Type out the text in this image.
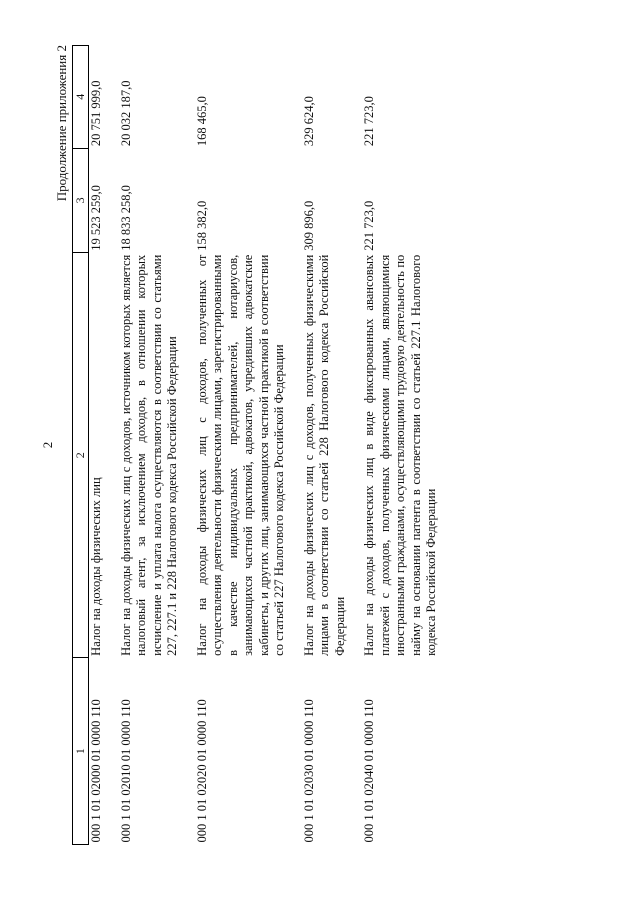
2
Продолжение приложения 2
1	2	3	4
000 1 01 02000 01 0000 110	Налог на доходы физических лиц	19 523 259,0	20 751 999,0
000 1 01 02010 01 0000 110	Налог на доходы физических лиц с доходов, источником которых является налоговый агент, за исключением доходов, в отношении которых исчисление и уплата налога осуществляются в соответствии со статьями 227, 227.1 и 228 Налогового кодекса Российской Федерации	18 833 258,0	20 032 187,0
000 1 01 02020 01 0000 110	Налог на доходы физических лиц с доходов, полученных от осуществления деятельности физическими лицами, зарегистрированными в качестве индивидуальных предпринимателей, нотариусов, занимающихся частной практикой, адвокатов, учредивших адвокатские кабинеты, и других лиц, занимающихся частной практикой в соответствии со статьей 227 Налогового кодекса Российской Федерации	158 382,0	168 465,0
000 1 01 02030 01 0000 110	Налог на доходы физических лиц с доходов, полученных физическими лицами в соответствии со статьей 228 Налогового кодекса Российской Федерации	309 896,0	329 624,0
000 1 01 02040 01 0000 110	Налог на доходы физических лиц в виде фиксированных авансовых платежей с доходов, полученных физическими лицами, являющимися иностранными гражданами, осуществляющими трудовую деятельность по найму на основании патента в соответствии со статьей 227.1 Налогового кодекса Российской Федерации	221 723,0	221 723,0
